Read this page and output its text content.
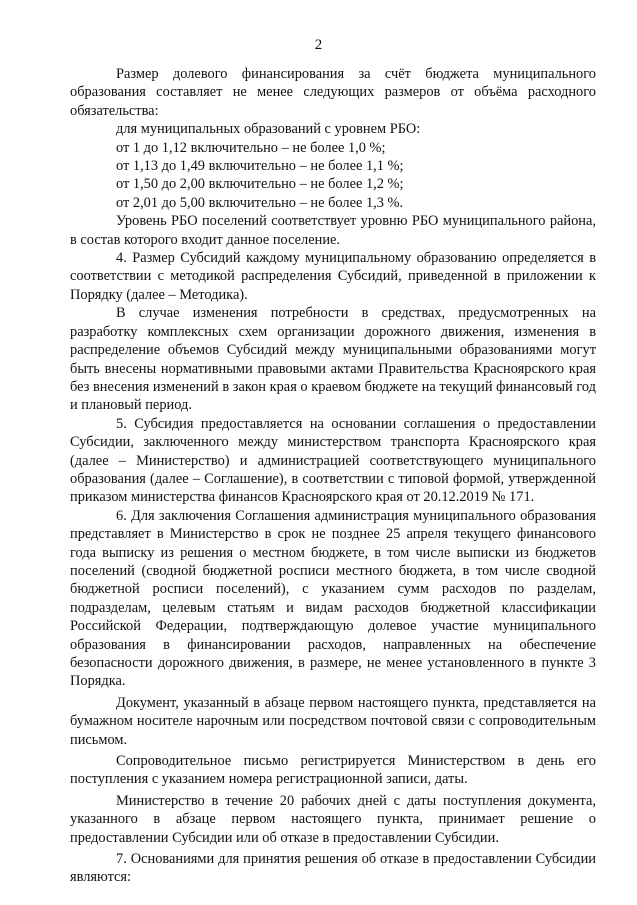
2

Размер долевого финансирования за счёт бюджета муниципального образования составляет не менее следующих размеров от объёма расходного обязательства:

для муниципальных образований с уровнем РБО:

от 1 до 1,12 включительно – не более 1,0 %;

от 1,13 до 1,49 включительно – не более 1,1 %;

от 1,50 до 2,00 включительно – не более 1,2 %;

от 2,01 до 5,00 включительно – не более 1,3 %.

Уровень РБО поселений соответствует уровню РБО муниципального района, в состав которого входит данное поселение.

4. Размер Субсидий каждому муниципальному образованию определяется в соответствии с методикой распределения Субсидий, приведенной в приложении к Порядку (далее – Методика).

В случае изменения потребности в средствах, предусмотренных на разработку комплексных схем организации дорожного движения, изменения в распределение объемов Субсидий между муниципальными образованиями могут быть внесены нормативными правовыми актами Правительства Красноярского края без внесения изменений в закон края о краевом бюджете на текущий финансовый год и плановый период.

5. Субсидия предоставляется на основании соглашения о предоставлении Субсидии, заключенного между министерством транспорта Красноярского края (далее – Министерство) и администрацией соответствующего муниципального образования (далее – Соглашение), в соответствии с типовой формой, утвержденной приказом министерства финансов Красноярского края от 20.12.2019 № 171.

6. Для заключения Соглашения администрация муниципального образования представляет в Министерство в срок не позднее 25 апреля текущего финансового года выписку из решения о местном бюджете, в том числе выписки из бюджетов поселений (сводной бюджетной росписи местного бюджета, в том числе сводной бюджетной росписи поселений), с указанием сумм расходов по разделам, подразделам, целевым статьям и видам расходов бюджетной классификации Российской Федерации, подтверждающую долевое участие муниципального образования в финансировании расходов, направленных на обеспечение безопасности дорожного движения, в размере, не менее установленного в пункте 3 Порядка.

Документ, указанный в абзаце первом настоящего пункта, представляется на бумажном носителе нарочным или посредством почтовой связи с сопроводительным письмом.

Сопроводительное письмо регистрируется Министерством в день его поступления с указанием номера регистрационной записи, даты.

Министерство в течение 20 рабочих дней с даты поступления документа, указанного в абзаце первом настоящего пункта, принимает решение о предоставлении Субсидии или об отказе в предоставлении Субсидии.

7. Основаниями для принятия решения об отказе в предоставлении Субсидии являются:
